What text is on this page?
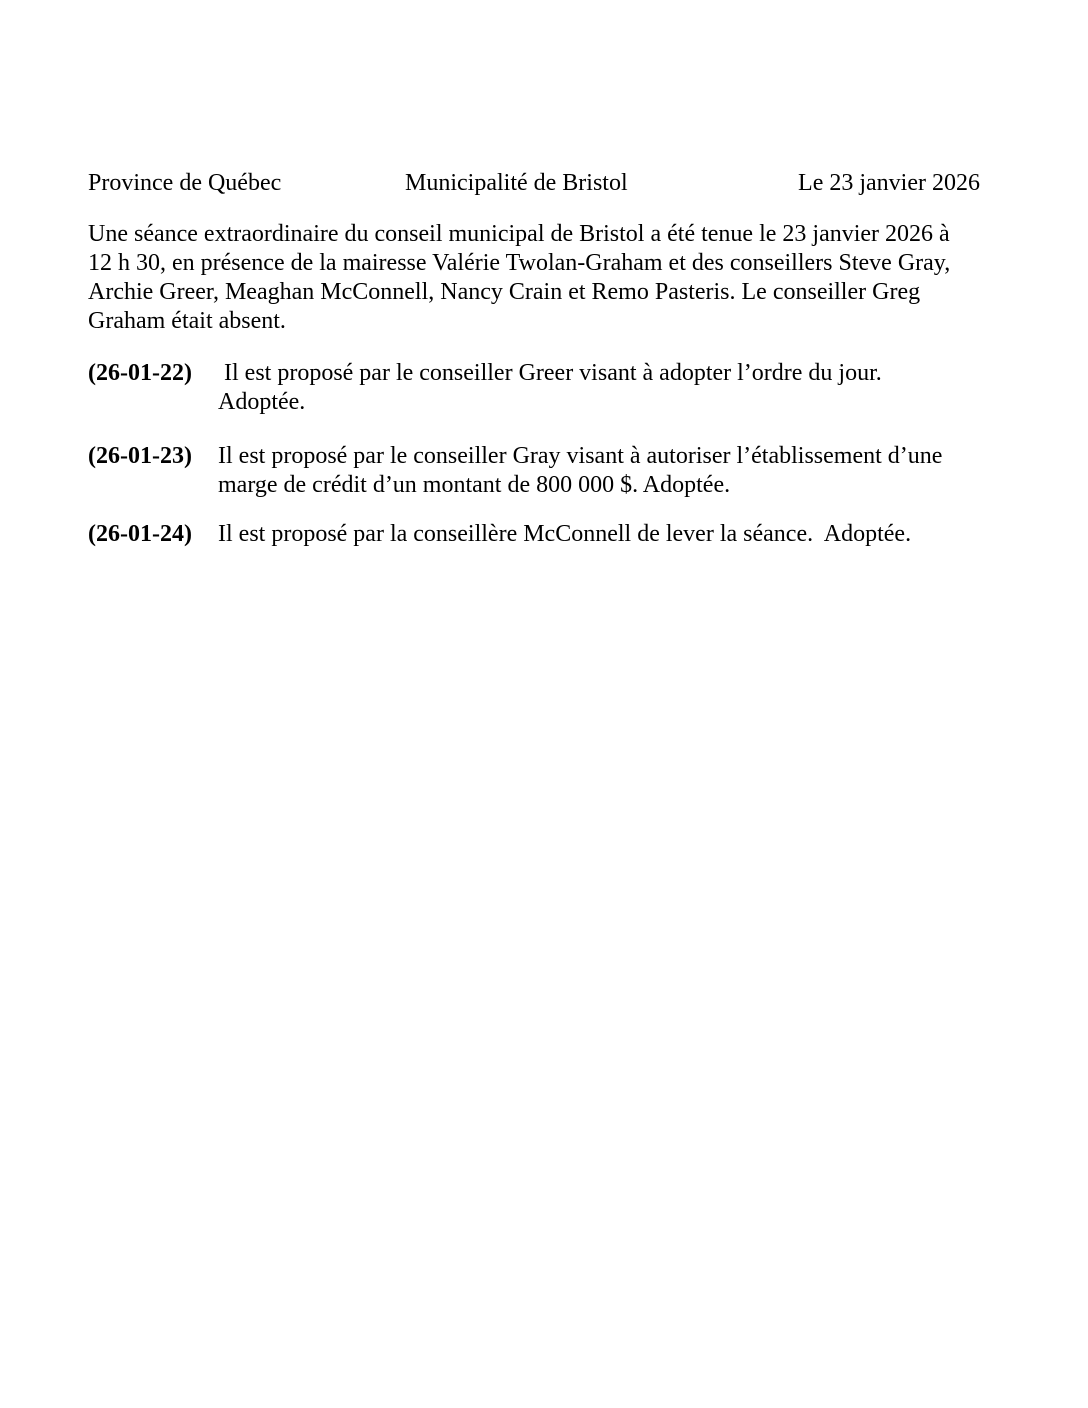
Province de Québec

	Municipalité de Bristol

	Le 23 janvier 2026

Une séance extraordinaire du conseil municipal de Bristol a été tenue le 23 janvier 2026 à
12 h 30, en présence de la mairesse Valérie Twolan-Graham et des conseillers Steve Gray,
Archie Greer, Meaghan McConnell, Nancy Crain et Remo Pasteris. Le conseiller Greg
Graham était absent.
(26-01-22)	Il est proposé par le conseiller Greer visant à adopter l’ordre du jour.
Adoptée.
(26-01-23)	Il est proposé par le conseiller Gray visant à autoriser l’établissement d’une
marge de crédit d’un montant de 800 000 $. Adoptée.
(26-01-24)	Il est proposé par la conseillère McConnell de lever la séance.  Adoptée.
